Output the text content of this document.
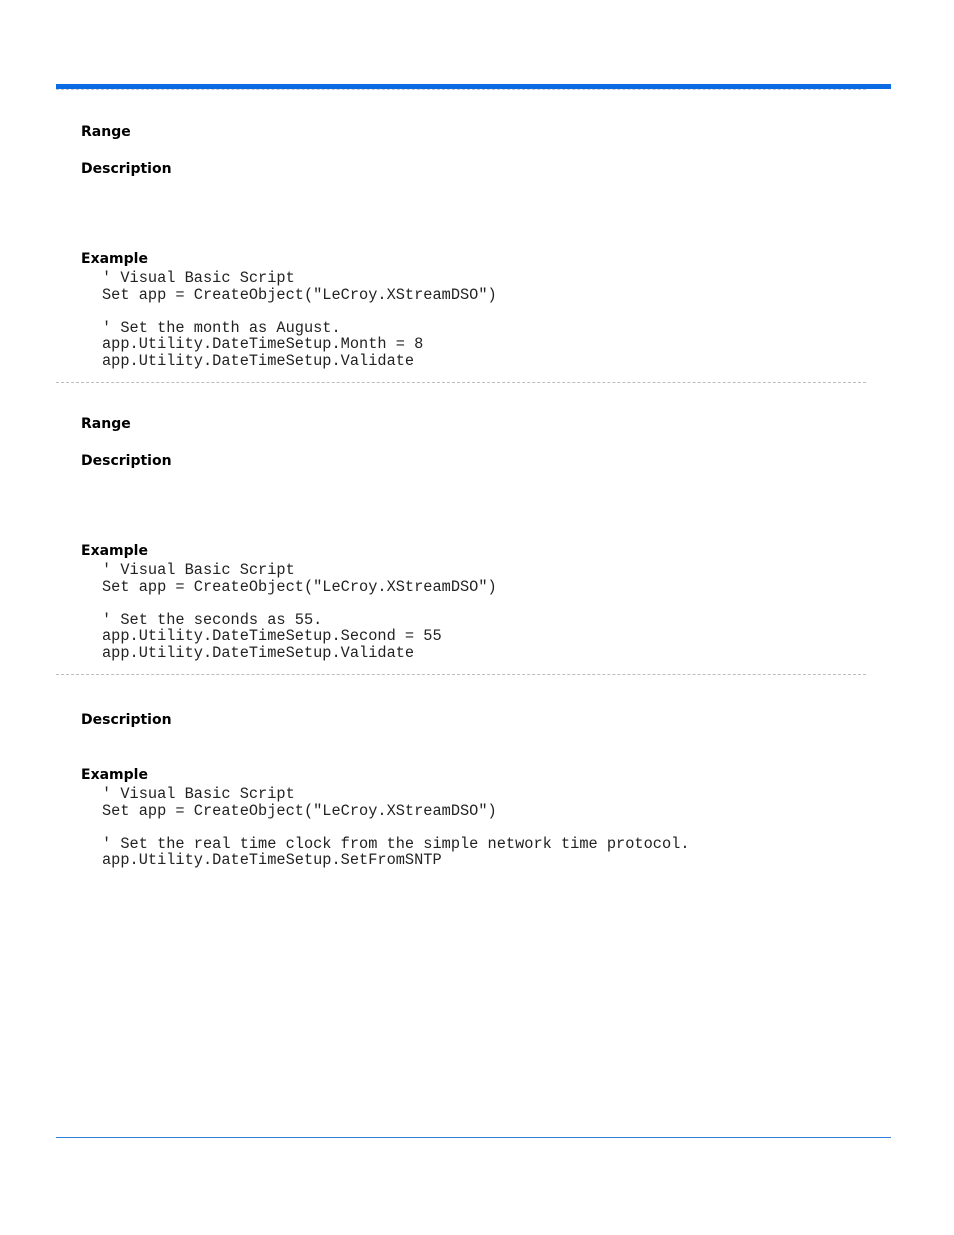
Range
Description
Example
' Visual Basic Script
Set app = CreateObject("LeCroy.XStreamDSO")
' Set the month as August.
app.Utility.DateTimeSetup.Month = 8
app.Utility.DateTimeSetup.Validate
Range
Description
Example
' Visual Basic Script
Set app = CreateObject("LeCroy.XStreamDSO")
' Set the seconds as 55.
app.Utility.DateTimeSetup.Second = 55
app.Utility.DateTimeSetup.Validate
Description
Example
' Visual Basic Script
Set app = CreateObject("LeCroy.XStreamDSO")
' Set the real time clock from the simple network time protocol.
app.Utility.DateTimeSetup.SetFromSNTP
